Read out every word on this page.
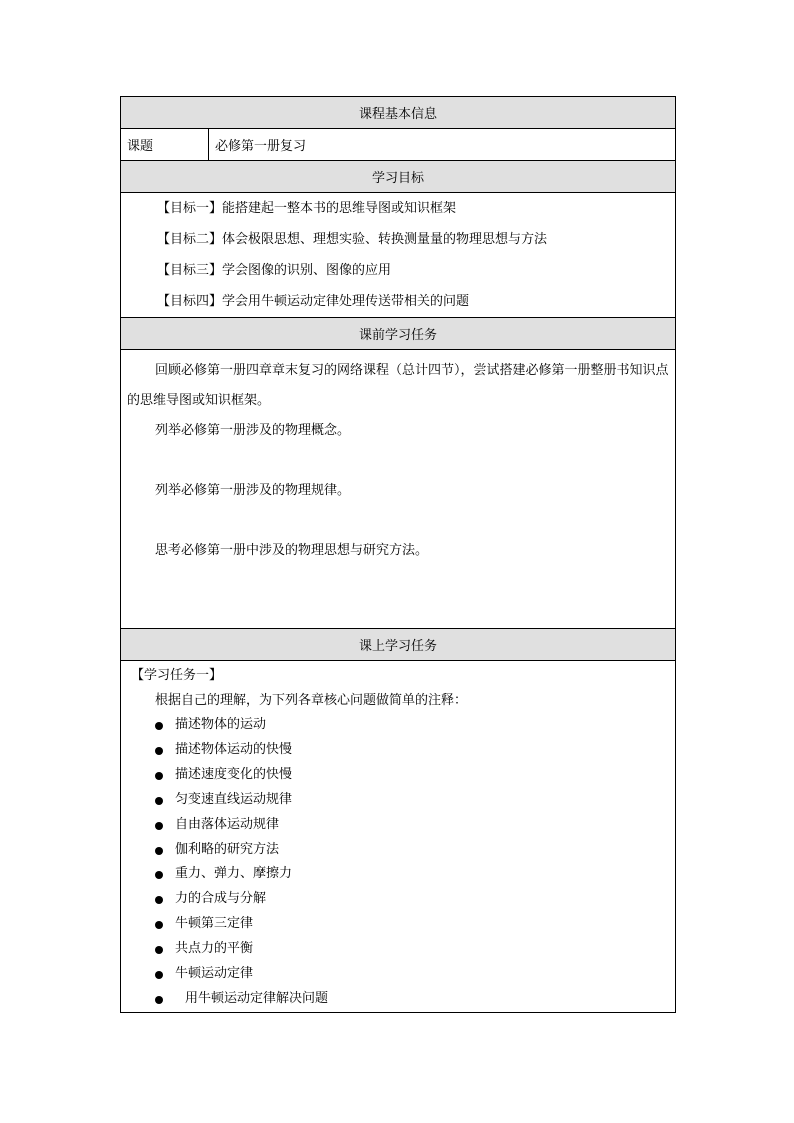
课程基本信息
课题	必修第一册复习
学习目标

【目标一】能搭建起一整本书的思维导图或知识框架
【目标二】体会极限思想、理想实验、转换测量量的物理思想与方法
【目标三】学会图像的识别、图像的应用
【目标四】学会用牛顿运动定律处理传送带相关的问题

课前学习任务

回顾必修第一册四章章末复习的网络课程（总计四节），尝试搭建必修第一册整册书知识点的思维导图或知识框架。
列举必修第一册涉及的物理概念。
列举必修第一册涉及的物理规律。
思考必修第一册中涉及的物理思想与研究方法。

课上学习任务

【学习任务一】
根据自己的理解，为下列各章核心问题做简单的注释：
描述物体的运动
描述物体运动的快慢
描述速度变化的快慢
匀变速直线运动规律
自由落体运动规律
伽利略的研究方法
重力、弹力、摩擦力
力的合成与分解
牛顿第三定律
共点力的平衡
牛顿运动定律
用牛顿运动定律解决问题
